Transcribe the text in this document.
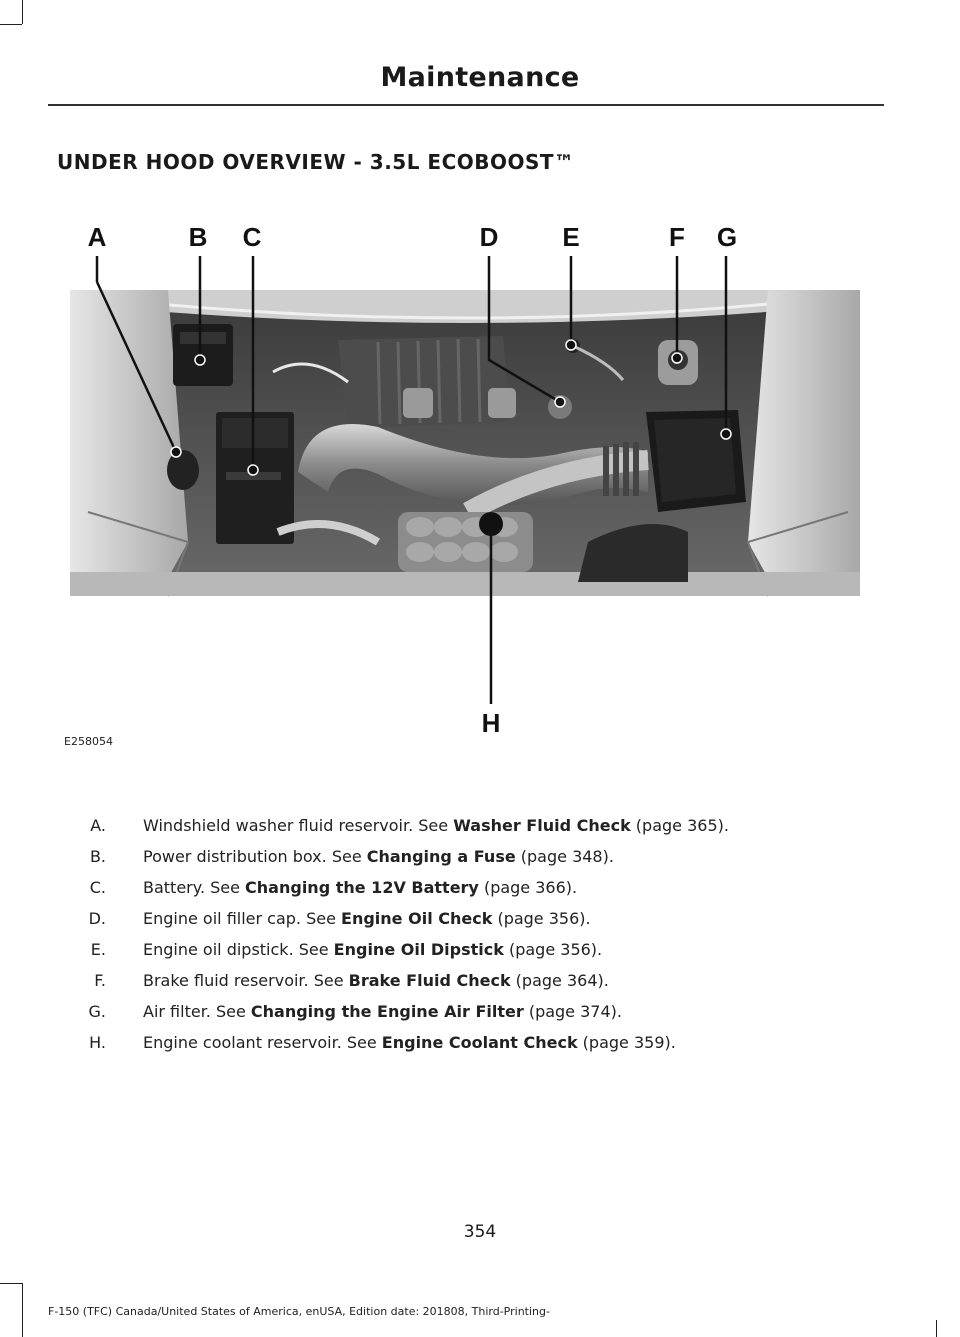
Maintenance
UNDER HOOD OVERVIEW - 3.5L ECOBOOST™
A	B C	D E	F G
H
E258054
A.	Windshield washer fluid reservoir. See Washer Fluid Check (page 365).
B.	Power distribution box. See Changing a Fuse (page 348).
C.	Battery. See Changing the 12V Battery (page 366).
D.	Engine oil filler cap. See Engine Oil Check (page 356).
E.	Engine oil dipstick. See Engine Oil Dipstick (page 356).
F.	Brake fluid reservoir. See Brake Fluid Check (page 364).
G.	Air filter. See Changing the Engine Air Filter (page 374).
H.	Engine coolant reservoir. See Engine Coolant Check (page 359).
354
F-150 (TFC) Canada/United States of America, enUSA, Edition date: 201808, Third-Printing-
